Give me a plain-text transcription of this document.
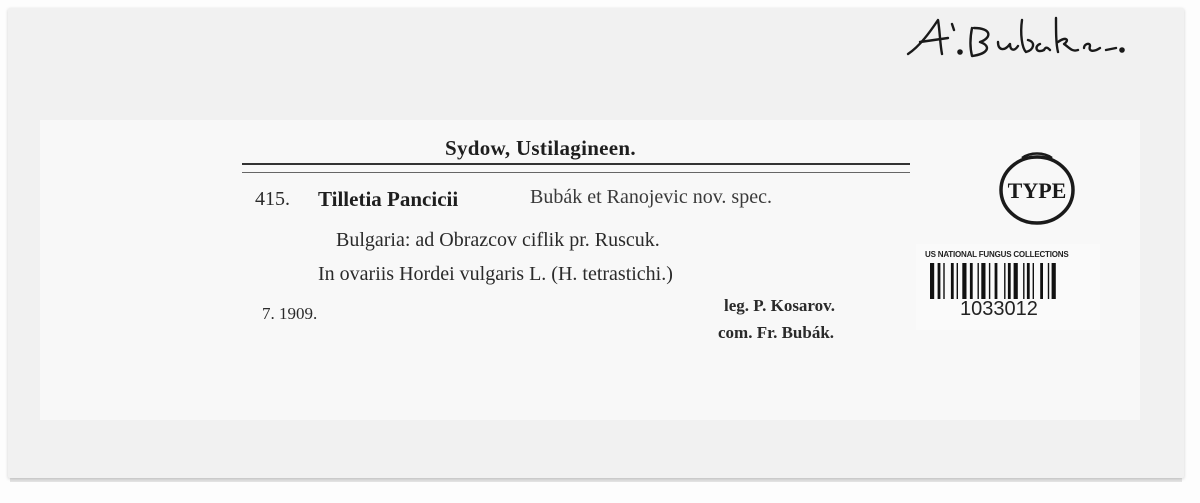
Sydow, Ustilagineen.
415. Tilletia Pancicii	Bubák et Ranojevic nov. spec.
Bulgaria: ad Obrazcov ciflik pr. Ruscuk.
In ovariis Hordei vulgaris L. (H. tetrastichi.)
7. 1909.	leg. P. Kosarov.
com. Fr. Bubák.
TYPE
US NATIONAL FUNGUS COLLECTIONS
1033012
